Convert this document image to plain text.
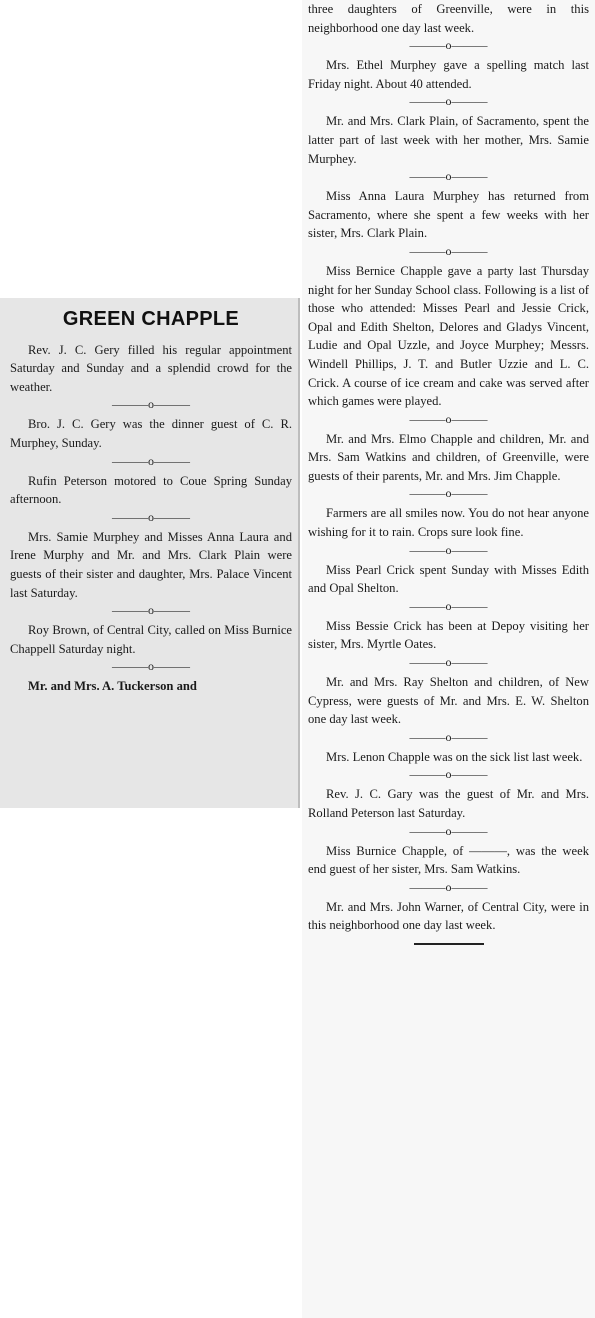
GREEN CHAPPLE

Rev. J. C. Gery filled his regular appointment Saturday and Sunday and a splendid crowd for the weather.

———o———

Bro. J. C. Gery was the dinner guest of C. R. Murphey, Sunday.

———o———

Rufin Peterson motored to Coue Spring Sunday afternoon.

———o———

Mrs. Samie Murphey and Misses Anna Laura and Irene Murphy and Mr. and Mrs. Clark Plain were guests of their sister and daughter, Mrs. Palace Vincent last Saturday.

———o———

Roy Brown, of Central City, called on Miss Burnice Chappell Saturday night.

———o———

Mr. and Mrs. A. Tuckerson and

three daughters of Greenville, were in this neighborhood one day last week.

———o———

Mrs. Ethel Murphey gave a spelling match last Friday night. About 40 attended.

———o———

Mr. and Mrs. Clark Plain, of Sacramento, spent the latter part of last week with her mother, Mrs. Samie Murphey.

———o———

Miss Anna Laura Murphey has returned from Sacramento, where she spent a few weeks with her sister, Mrs. Clark Plain.

———o———

Miss Bernice Chapple gave a party last Thursday night for her Sunday School class. Following is a list of those who attended: Misses Pearl and Jessie Crick, Opal and Edith Shelton, Delores and Gladys Vincent, Ludie and Opal Uzzle, and Joyce Murphey; Messrs. Windell Phillips, J. T. and Butler Uzzie and L. C. Crick. A course of ice cream and cake was served after which games were played.

———o———

Mr. and Mrs. Elmo Chapple and children, Mr. and Mrs. Sam Watkins and children, of Greenville, were guests of their parents, Mr. and Mrs. Jim Chapple.

———o———

Farmers are all smiles now. You do not hear anyone wishing for it to rain. Crops sure look fine.

———o———

Miss Pearl Crick spent Sunday with Misses Edith and Opal Shelton.

———o———

Miss Bessie Crick has been at Depoy visiting her sister, Mrs. Myrtle Oates.

———o———

Mr. and Mrs. Ray Shelton and children, of New Cypress, were guests of Mr. and Mrs. E. W. Shelton one day last week.

———o———

Mrs. Lenon Chapple was on the sick list last week.

———o———

Rev. J. C. Gary was the guest of Mr. and Mrs. Rolland Peterson last Saturday.

———o———

Miss Burnice Chapple, of ———, was the week end guest of her sister, Mrs. Sam Watkins.

———o———

Mr. and Mrs. John Warner, of Central City, were in this neighborhood one day last week.
